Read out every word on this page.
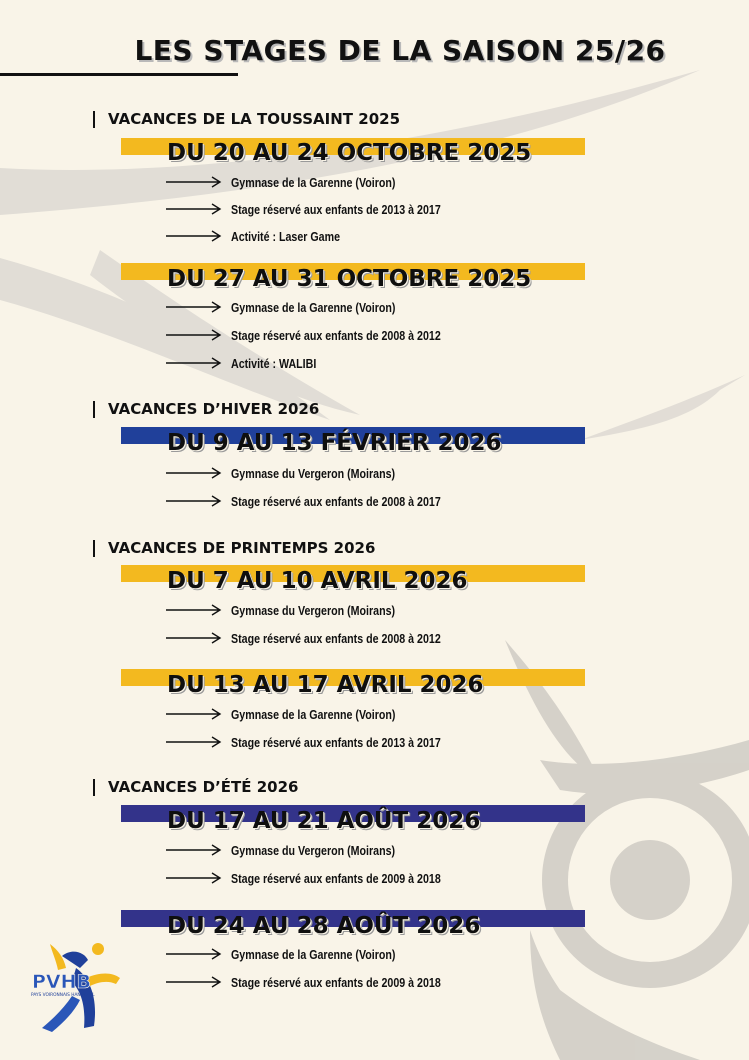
LES STAGES DE LA SAISON 25/26
VACANCES DE LA TOUSSAINT 2025
DU 20 AU 24 OCTOBRE 2025
Gymnase de la Garenne (Voiron)
Stage réservé aux enfants de 2013 à 2017
Activité : Laser Game
DU 27 AU 31 OCTOBRE 2025
Gymnase de la Garenne (Voiron)
Stage réservé aux enfants de 2008 à 2012
Activité : WALIBI
VACANCES D’HIVER 2026
DU 9 AU 13 FÉVRIER 2026
Gymnase du Vergeron (Moirans)
Stage réservé aux enfants de 2008 à 2017
VACANCES DE PRINTEMPS 2026
DU 7 AU 10 AVRIL 2026
Gymnase du Vergeron (Moirans)
Stage réservé aux enfants de 2008 à 2012
DU 13 AU 17 AVRIL 2026
Gymnase de la Garenne (Voiron)
Stage réservé aux enfants de 2013 à 2017
VACANCES D’ÉTÉ 2026
DU 17 AU 21 AOÛT 2026
Gymnase du Vergeron (Moirans)
Stage réservé aux enfants de 2009 à 2018
DU 24 AU 28 AOÛT 2026
Gymnase de la Garenne (Voiron)
Stage réservé aux enfants de 2009 à 2018
PVHB
PAYS VOIRONNAIS HANDBALL
